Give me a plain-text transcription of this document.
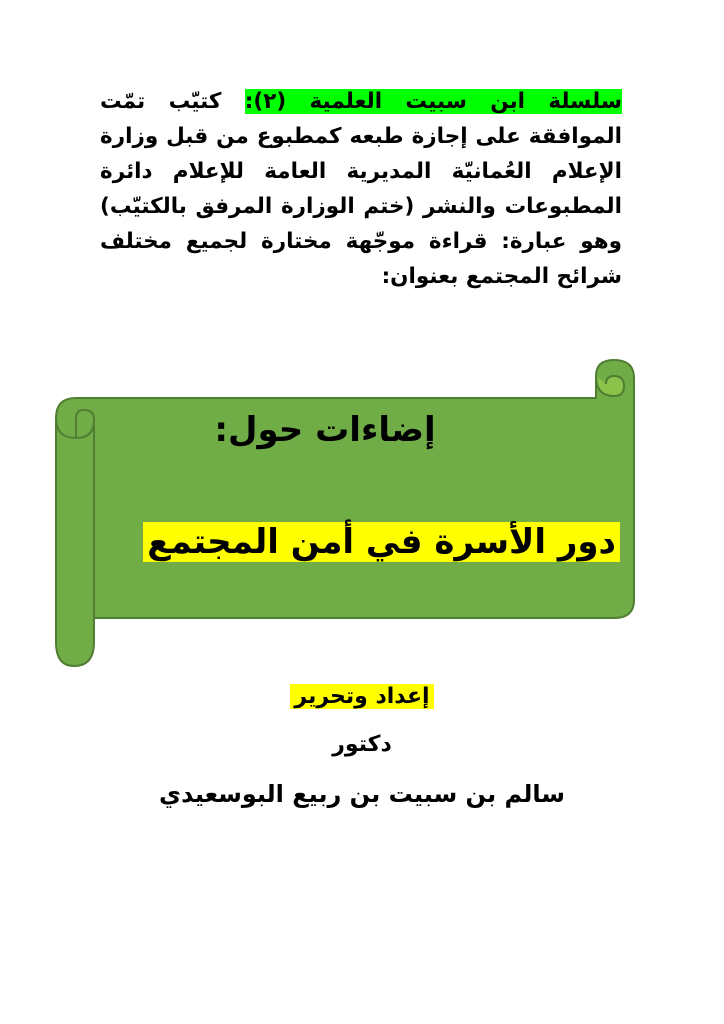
سلسلة ابن سبيت العلمية (٢): كتيّب تمّت الموافقة على إجازة طبعه كمطبوع من قبل وزارة الإعلام العُمانيّة المديرية العامة للإعلام دائرة المطبوعات والنشر (ختم الوزارة المرفق بالكتيّب) وهو عبارة: قراءة موجّهة مختارة لجميع مختلف شرائح المجتمع بعنوان:

إضاءات حول:

دور الأسرة في أمن المجتمع

إعداد وتحرير

دكتور

سالم بن سبيت بن ربيع البوسعيدي
